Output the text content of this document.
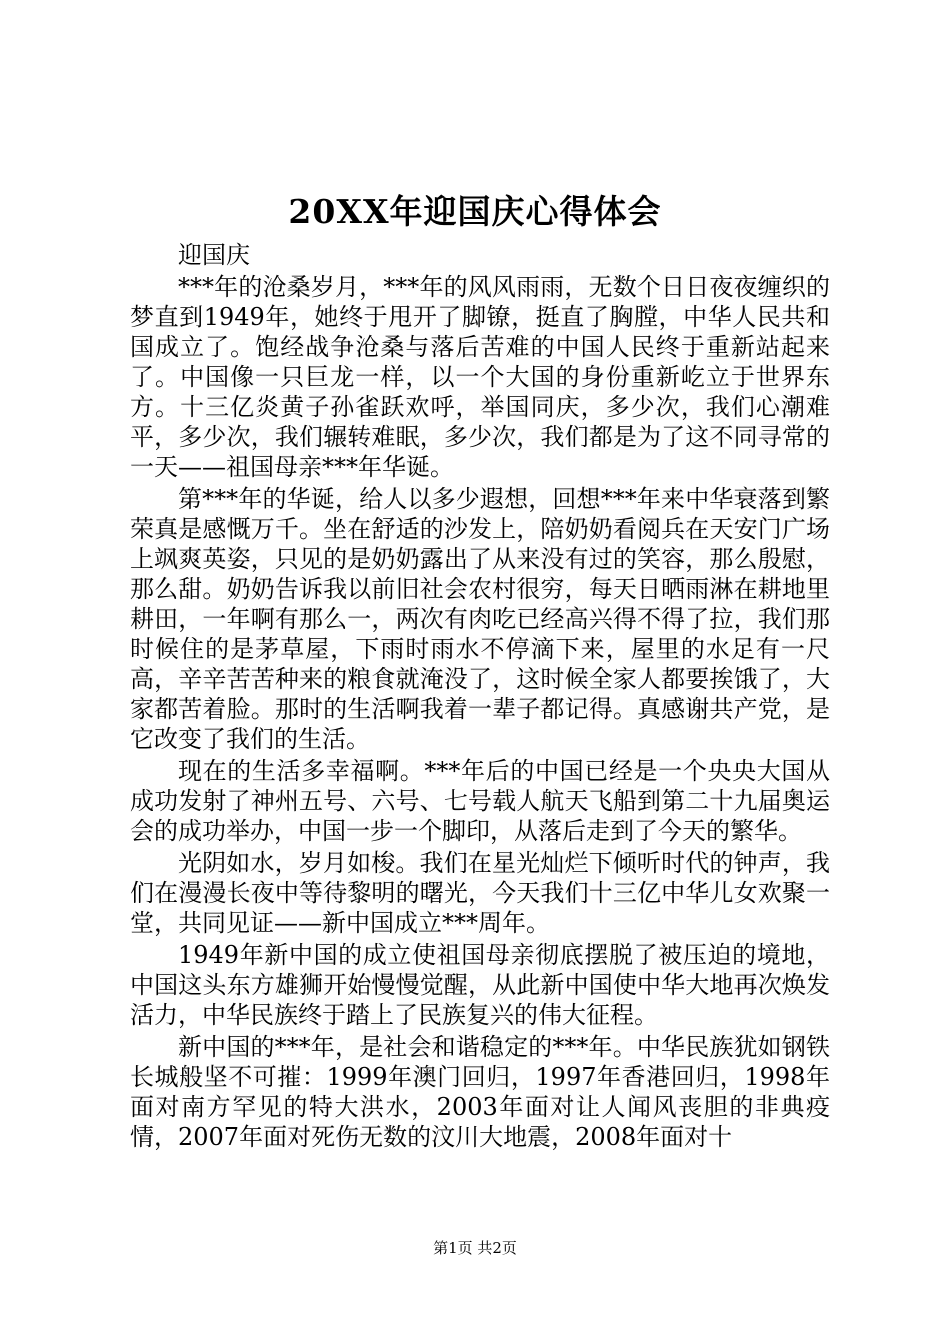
20XX年迎国庆心得体会

迎国庆

***年的沧桑岁月，***年的风风雨雨，无数个日日夜夜缠织的梦直到1949年，她终于甩开了脚镣，挺直了胸膛，中华人民共和国成立了。饱经战争沧桑与落后苦难的中国人民终于重新站起来了。中国像一只巨龙一样，以一个大国的身份重新屹立于世界东方。十三亿炎黄子孙雀跃欢呼，举国同庆，多少次，我们心潮难平，多少次，我们辗转难眠，多少次，我们都是为了这不同寻常的一天——祖国母亲***年华诞。

第***年的华诞，给人以多少遐想，回想***年来中华衰落到繁荣真是感慨万千。坐在舒适的沙发上，陪奶奶看阅兵在天安门广场上飒爽英姿，只见的是奶奶露出了从来没有过的笑容，那么殷慰，那么甜。奶奶告诉我以前旧社会农村很穷，每天日晒雨淋在耕地里耕田，一年啊有那么一，两次有肉吃已经高兴得不得了拉，我们那时候住的是茅草屋，下雨时雨水不停滴下来，屋里的水足有一尺高，辛辛苦苦种来的粮食就淹没了，这时候全家人都要挨饿了，大家都苦着脸。那时的生活啊我着一辈子都记得。真感谢共产党，是它改变了我们的生活。

现在的生活多幸福啊。***年后的中国已经是一个央央大国从成功发射了神州五号、六号、七号载人航天飞船到第二十九届奥运会的成功举办，中国一步一个脚印，从落后走到了今天的繁华。

光阴如水，岁月如梭。我们在星光灿烂下倾听时代的钟声，我们在漫漫长夜中等待黎明的曙光，今天我们十三亿中华儿女欢聚一堂，共同见证——新中国成立***周年。

1949年新中国的成立使祖国母亲彻底摆脱了被压迫的境地，中国这头东方雄狮开始慢慢觉醒，从此新中国使中华大地再次焕发活力，中华民族终于踏上了民族复兴的伟大征程。

新中国的***年，是社会和谐稳定的***年。中华民族犹如钢铁长城般坚不可摧：1999年澳门回归，1997年香港回归，1998年面对南方罕见的特大洪水，2003年面对让人闻风丧胆的非典疫情，2007年面对死伤无数的汶川大地震，2008年面对十

第1页 共2页
